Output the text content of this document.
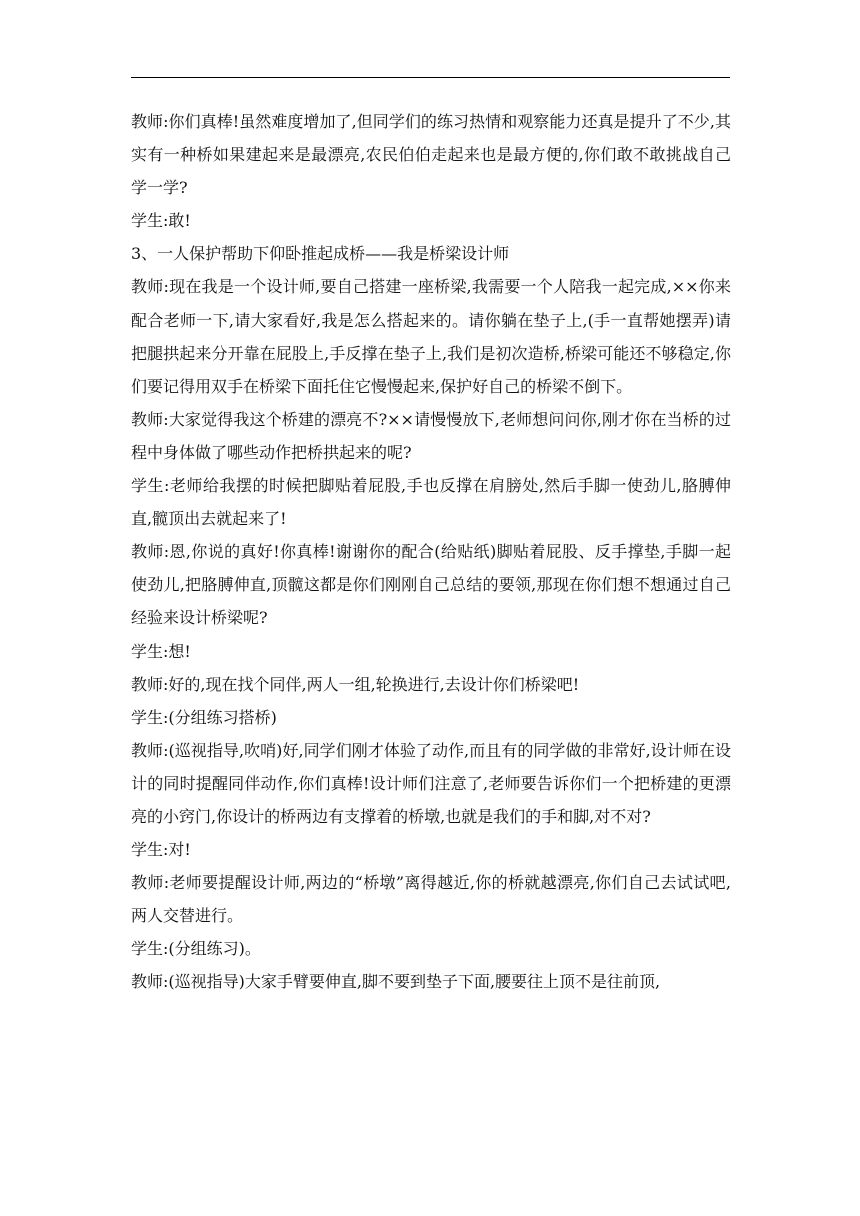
教师:你们真棒!虽然难度增加了,但同学们的练习热情和观察能力还真是提升了不少,其实有一种桥如果建起来是最漂亮,农民伯伯走起来也是最方便的,你们敢不敢挑战自己学一学?

学生:敢!

3、一人保护帮助下仰卧推起成桥——我是桥梁设计师

教师:现在我是一个设计师,要自己搭建一座桥梁,我需要一个人陪我一起完成,××你来配合老师一下,请大家看好,我是怎么搭起来的。请你躺在垫子上,(手一直帮她摆弄)请把腿拱起来分开靠在屁股上,手反撑在垫子上,我们是初次造桥,桥梁可能还不够稳定,你们要记得用双手在桥梁下面托住它慢慢起来,保护好自己的桥梁不倒下。

教师:大家觉得我这个桥建的漂亮不?××请慢慢放下,老师想问问你,刚才你在当桥的过程中身体做了哪些动作把桥拱起来的呢?

学生:老师给我摆的时候把脚贴着屁股,手也反撑在肩膀处,然后手脚一使劲儿,胳膊伸直,髋顶出去就起来了!

教师:恩,你说的真好!你真棒!谢谢你的配合(给贴纸)脚贴着屁股、反手撑垫,手脚一起使劲儿,把胳膊伸直,顶髋这都是你们刚刚自己总结的要领,那现在你们想不想通过自己经验来设计桥梁呢?

学生:想!

教师:好的,现在找个同伴,两人一组,轮换进行,去设计你们桥梁吧!

学生:(分组练习搭桥)

教师:(巡视指导,吹哨)好,同学们刚才体验了动作,而且有的同学做的非常好,设计师在设计的同时提醒同伴动作,你们真棒!设计师们注意了,老师要告诉你们一个把桥建的更漂亮的小窍门,你设计的桥两边有支撑着的桥墩,也就是我们的手和脚,对不对?

学生:对!

教师:老师要提醒设计师,两边的“桥墩”离得越近,你的桥就越漂亮,你们自己去试试吧,两人交替进行。

学生:(分组练习)。

教师:(巡视指导)大家手臂要伸直,脚不要到垫子下面,腰要往上顶不是往前顶,
